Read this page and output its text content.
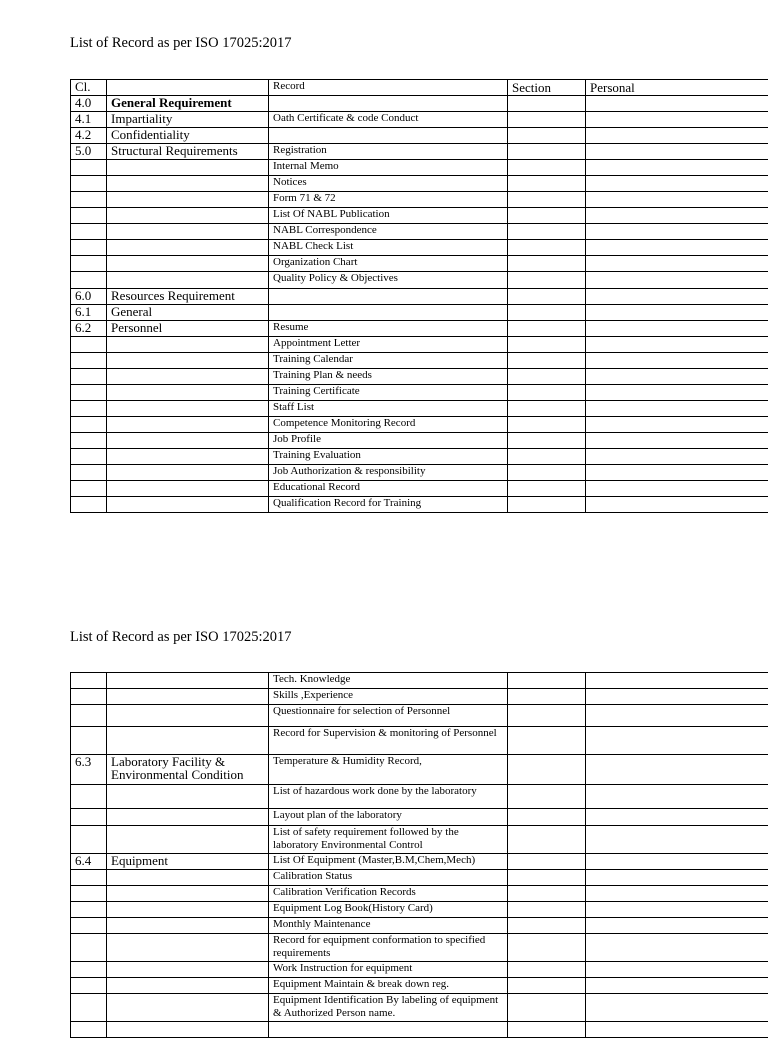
List of Record as per ISO 17025:2017
Cl.		Record	Section	Personal
4.0	General Requirement			
4.1	Impartiality	Oath Certificate & code Conduct		
4.2	Confidentiality			
5.0	Structural Requirements	Registration		
		Internal Memo		
		Notices		
		Form 71 & 72		
		List Of NABL Publication		
		NABL Correspondence		
		NABL Check List		
		Organization Chart		
		Quality Policy & Objectives		
6.0	Resources Requirement			
6.1	General			
6.2	Personnel	Resume		
		Appointment Letter		
		Training Calendar		
		Training Plan & needs		
		Training Certificate		
		Staff List		
		Competence Monitoring Record		
		Job Profile		
		Training Evaluation		
		Job Authorization & responsibility		
		Educational Record		
		Qualification Record for Training		
List of Record as per ISO 17025:2017
		Tech. Knowledge		
		Skills ,Experience		
		Questionnaire for selection of Personnel		
		Record for Supervision & monitoring of Personnel		
6.3	Laboratory Facility & Environmental Condition	Temperature & Humidity Record,		
		List of hazardous work done by the laboratory		
		Layout plan of the laboratory		
		List of safety requirement followed by the laboratory Environmental Control		
6.4	Equipment	List Of Equipment (Master,B.M,Chem,Mech)		
		Calibration Status		
		Calibration Verification Records		
		Equipment Log Book(History Card)		
		Monthly Maintenance		
		Record for equipment conformation to specified requirements		
		Work Instruction for equipment		
		Equipment Maintain & break down reg.		
		Equipment Identification By labeling of equipment & Authorized Person name.		
